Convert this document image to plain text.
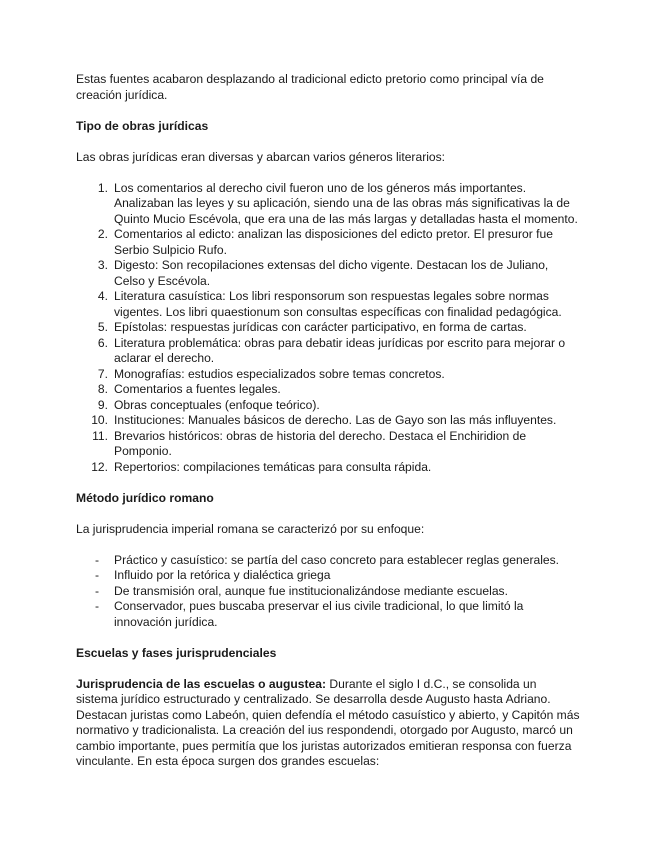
Estas fuentes acabaron desplazando al tradicional edicto pretorio como principal vía de creación jurídica.

Tipo de obras jurídicas

Las obras jurídicas eran diversas y abarcan varios géneros literarios:

1. Los comentarios al derecho civil fueron uno de los géneros más importantes. Analizaban las leyes y su aplicación, siendo una de las obras más significativas la de Quinto Mucio Escévola, que era una de las más largas y detalladas hasta el momento.
2. Comentarios al edicto: analizan las disposiciones del edicto pretor. El presuror fue Serbio Sulpicio Rufo.
3. Digesto: Son recopilaciones extensas del dicho vigente. Destacan los de Juliano, Celso y Escévola.
4. Literatura casuística: Los libri responsorum son respuestas legales sobre normas vigentes. Los libri quaestionum son consultas específicas con finalidad pedagógica.
5. Epístolas: respuestas jurídicas con carácter participativo, en forma de cartas.
6. Literatura problemática: obras para debatir ideas jurídicas por escrito para mejorar o aclarar el derecho.
7. Monografías: estudios especializados sobre temas concretos.
8. Comentarios a fuentes legales.
9. Obras conceptuales (enfoque teórico).
10. Instituciones: Manuales básicos de derecho. Las de Gayo son las más influyentes.
11. Brevarios históricos: obras de historia del derecho. Destaca el Enchiridion de Pomponio.
12. Repertorios: compilaciones temáticas para consulta rápida.

Método jurídico romano

La jurisprudencia imperial romana se caracterizó por su enfoque:

- Práctico y casuístico: se partía del caso concreto para establecer reglas generales.
- Influido por la retórica y dialéctica griega
- De transmisión oral, aunque fue institucionalizándose mediante escuelas.
- Conservador, pues buscaba preservar el ius civile tradicional, lo que limitó la innovación jurídica.

Escuelas y fases jurisprudenciales

Jurisprudencia de las escuelas o augustea: Durante el siglo I d.C., se consolida un sistema jurídico estructurado y centralizado. Se desarrolla desde Augusto hasta Adriano. Destacan juristas como Labeón, quien defendía el método casuístico y abierto, y Capitón más normativo y tradicionalista. La creación del ius respondendi, otorgado por Augusto, marcó un cambio importante, pues permitía que los juristas autorizados emitieran responsa con fuerza vinculante. En esta época surgen dos grandes escuelas:
